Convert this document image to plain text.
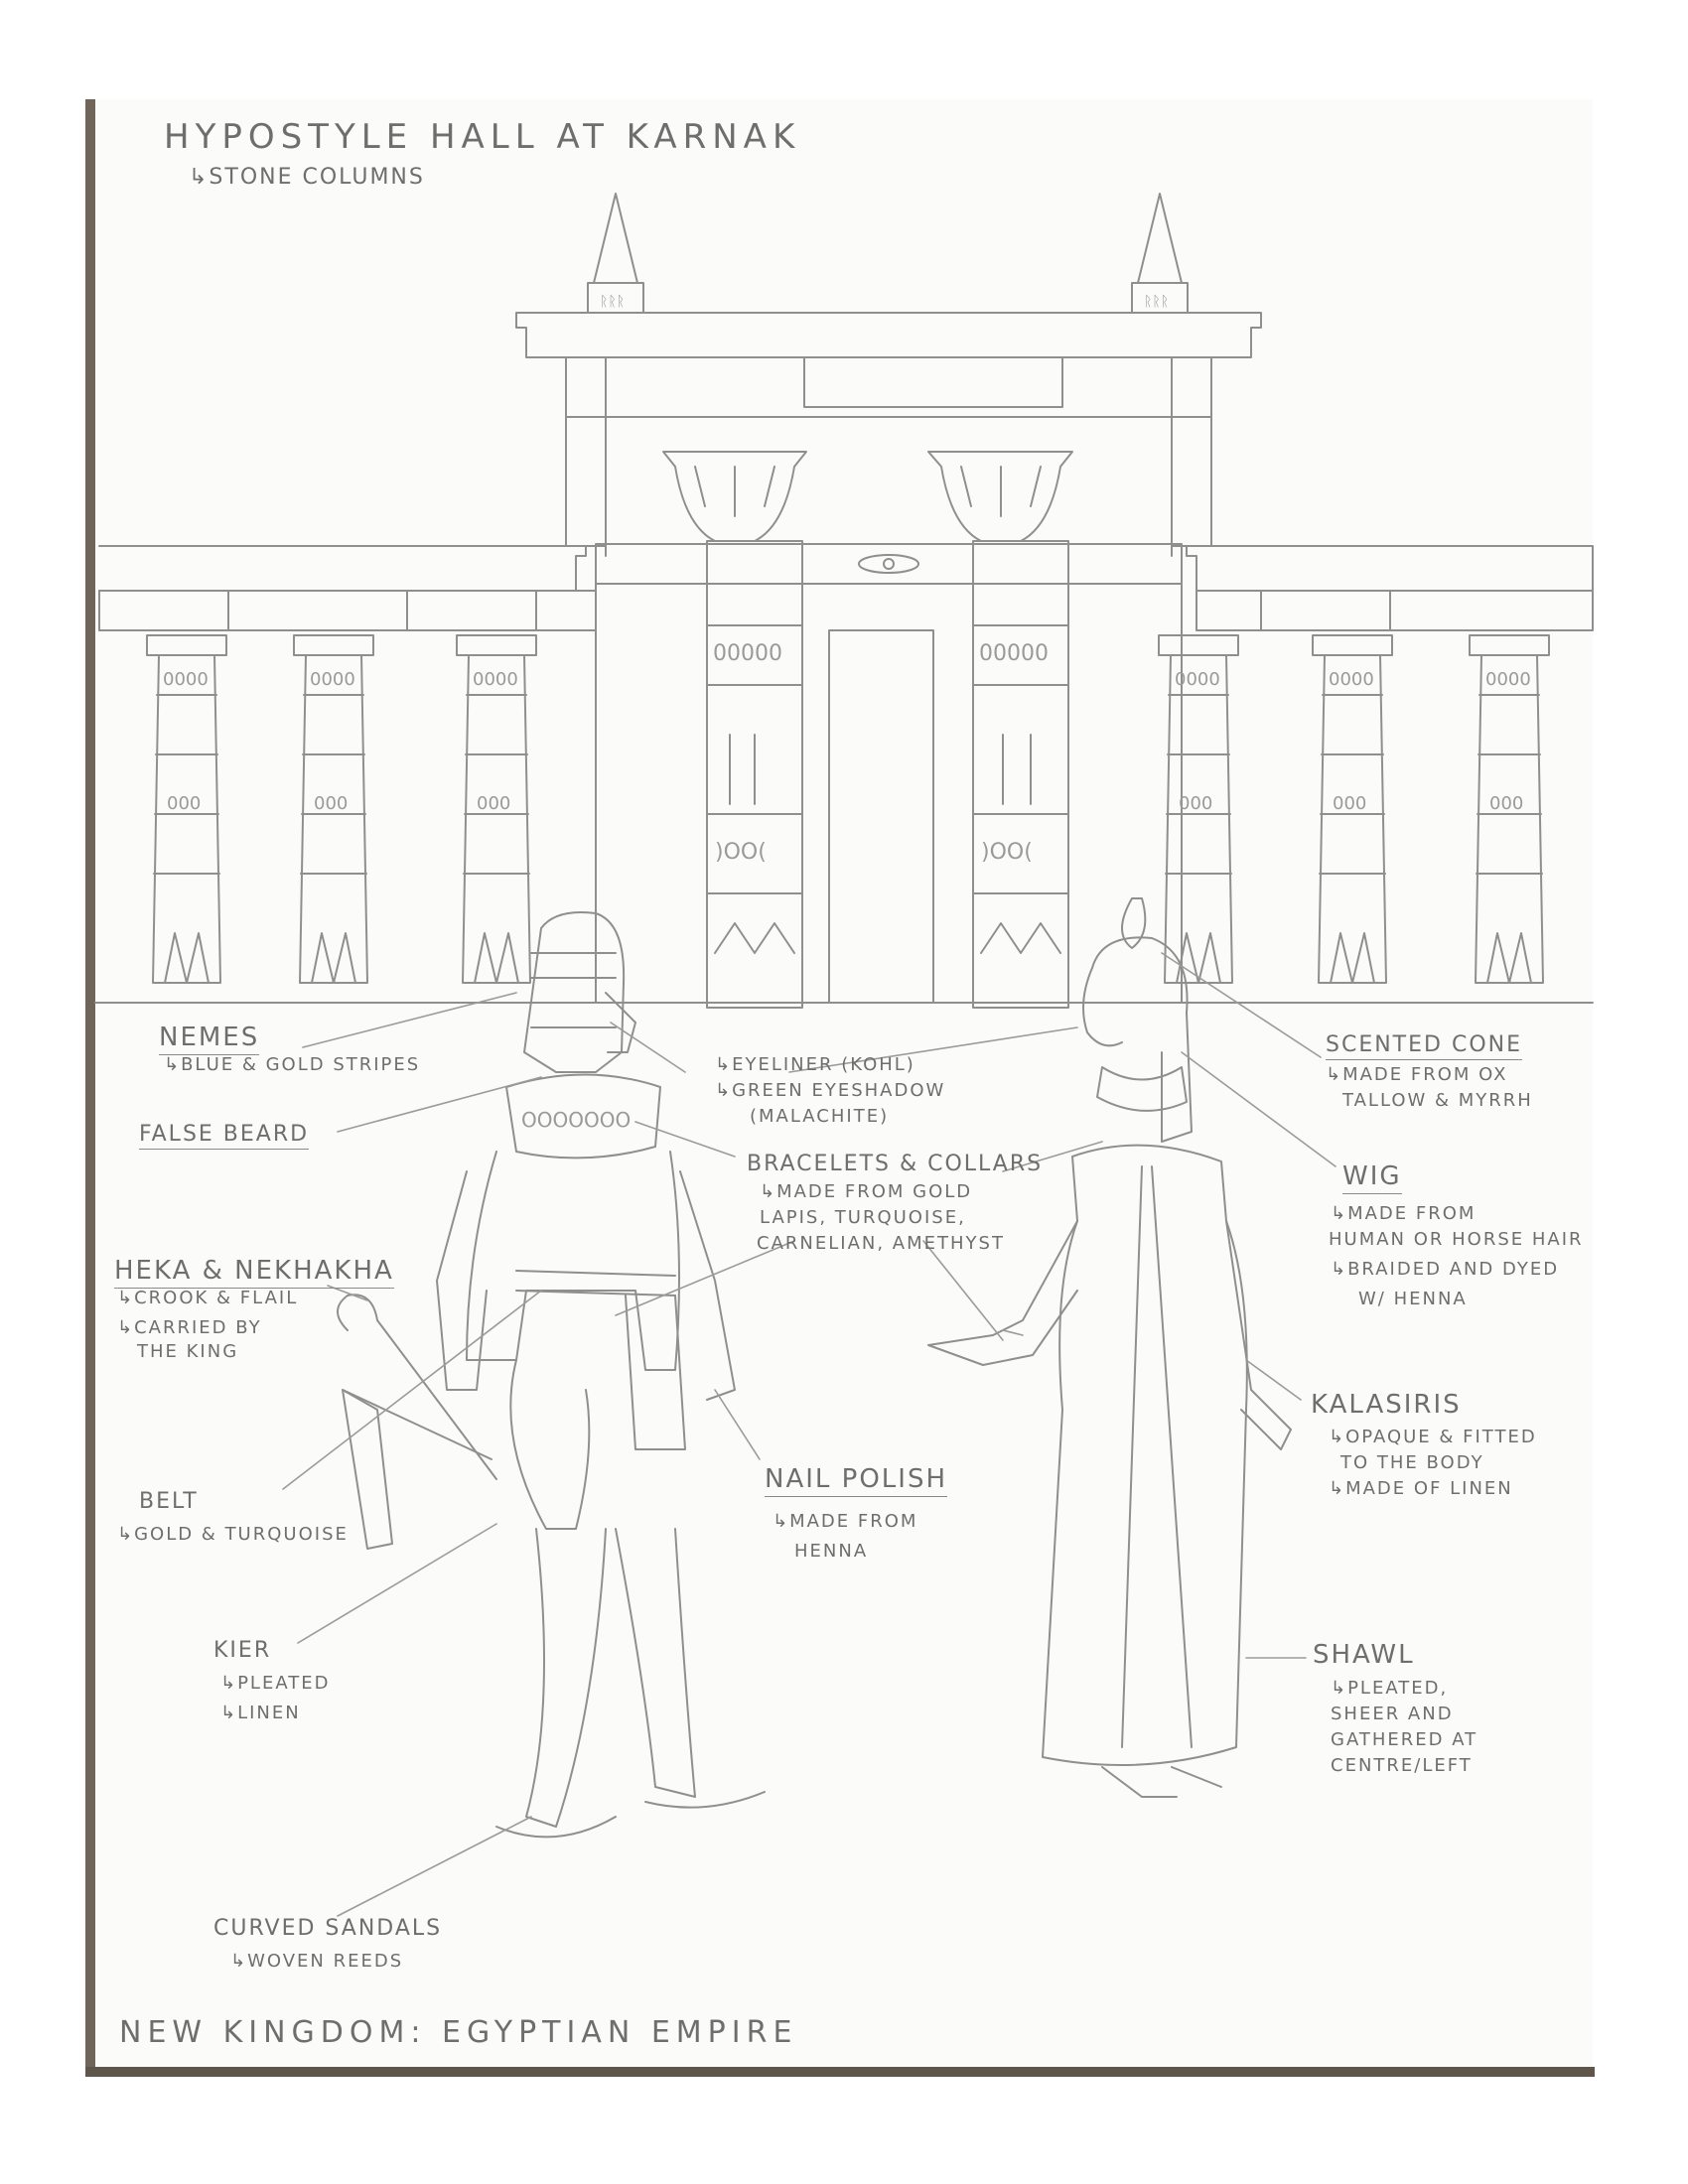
ᚱᚱᚱ	ᚱᚱᚱ
0000
000
0000
000
0000
000
0000
000
0000
000
0000
000
00000	00000
)OO(	)OO(
ΟΟΟΟΟΟΟ
HYPOSTYLE HALL AT KARNAK
↳STONE COLUMNS
NEMES
↳BLUE & GOLD STRIPES
FALSE BEARD
HEKA & NEKHAKHA
↳CROOK & FLAIL
↳CARRIED BY
THE KING
BELT
↳GOLD & TURQUOISE
KIER
↳PLEATED
↳LINEN
CURVED SANDALS
↳WOVEN REEDS
↳EYELINER (KOHL)
↳GREEN EYESHADOW
(MALACHITE)
BRACELETS & COLLARS
↳MADE FROM GOLD
LAPIS, TURQUOISE,
CARNELIAN, AMETHYST
NAIL POLISH
↳MADE FROM
HENNA
SCENTED CONE
↳MADE FROM OX
TALLOW & MYRRH
WIG
↳MADE FROM
HUMAN OR HORSE HAIR
↳BRAIDED AND DYED
W/ HENNA
KALASIRIS
↳OPAQUE & FITTED
TO THE BODY
↳MADE OF LINEN
SHAWL
↳PLEATED,
SHEER AND
GATHERED AT
CENTRE/LEFT
NEW KINGDOM: EGYPTIAN EMPIRE
